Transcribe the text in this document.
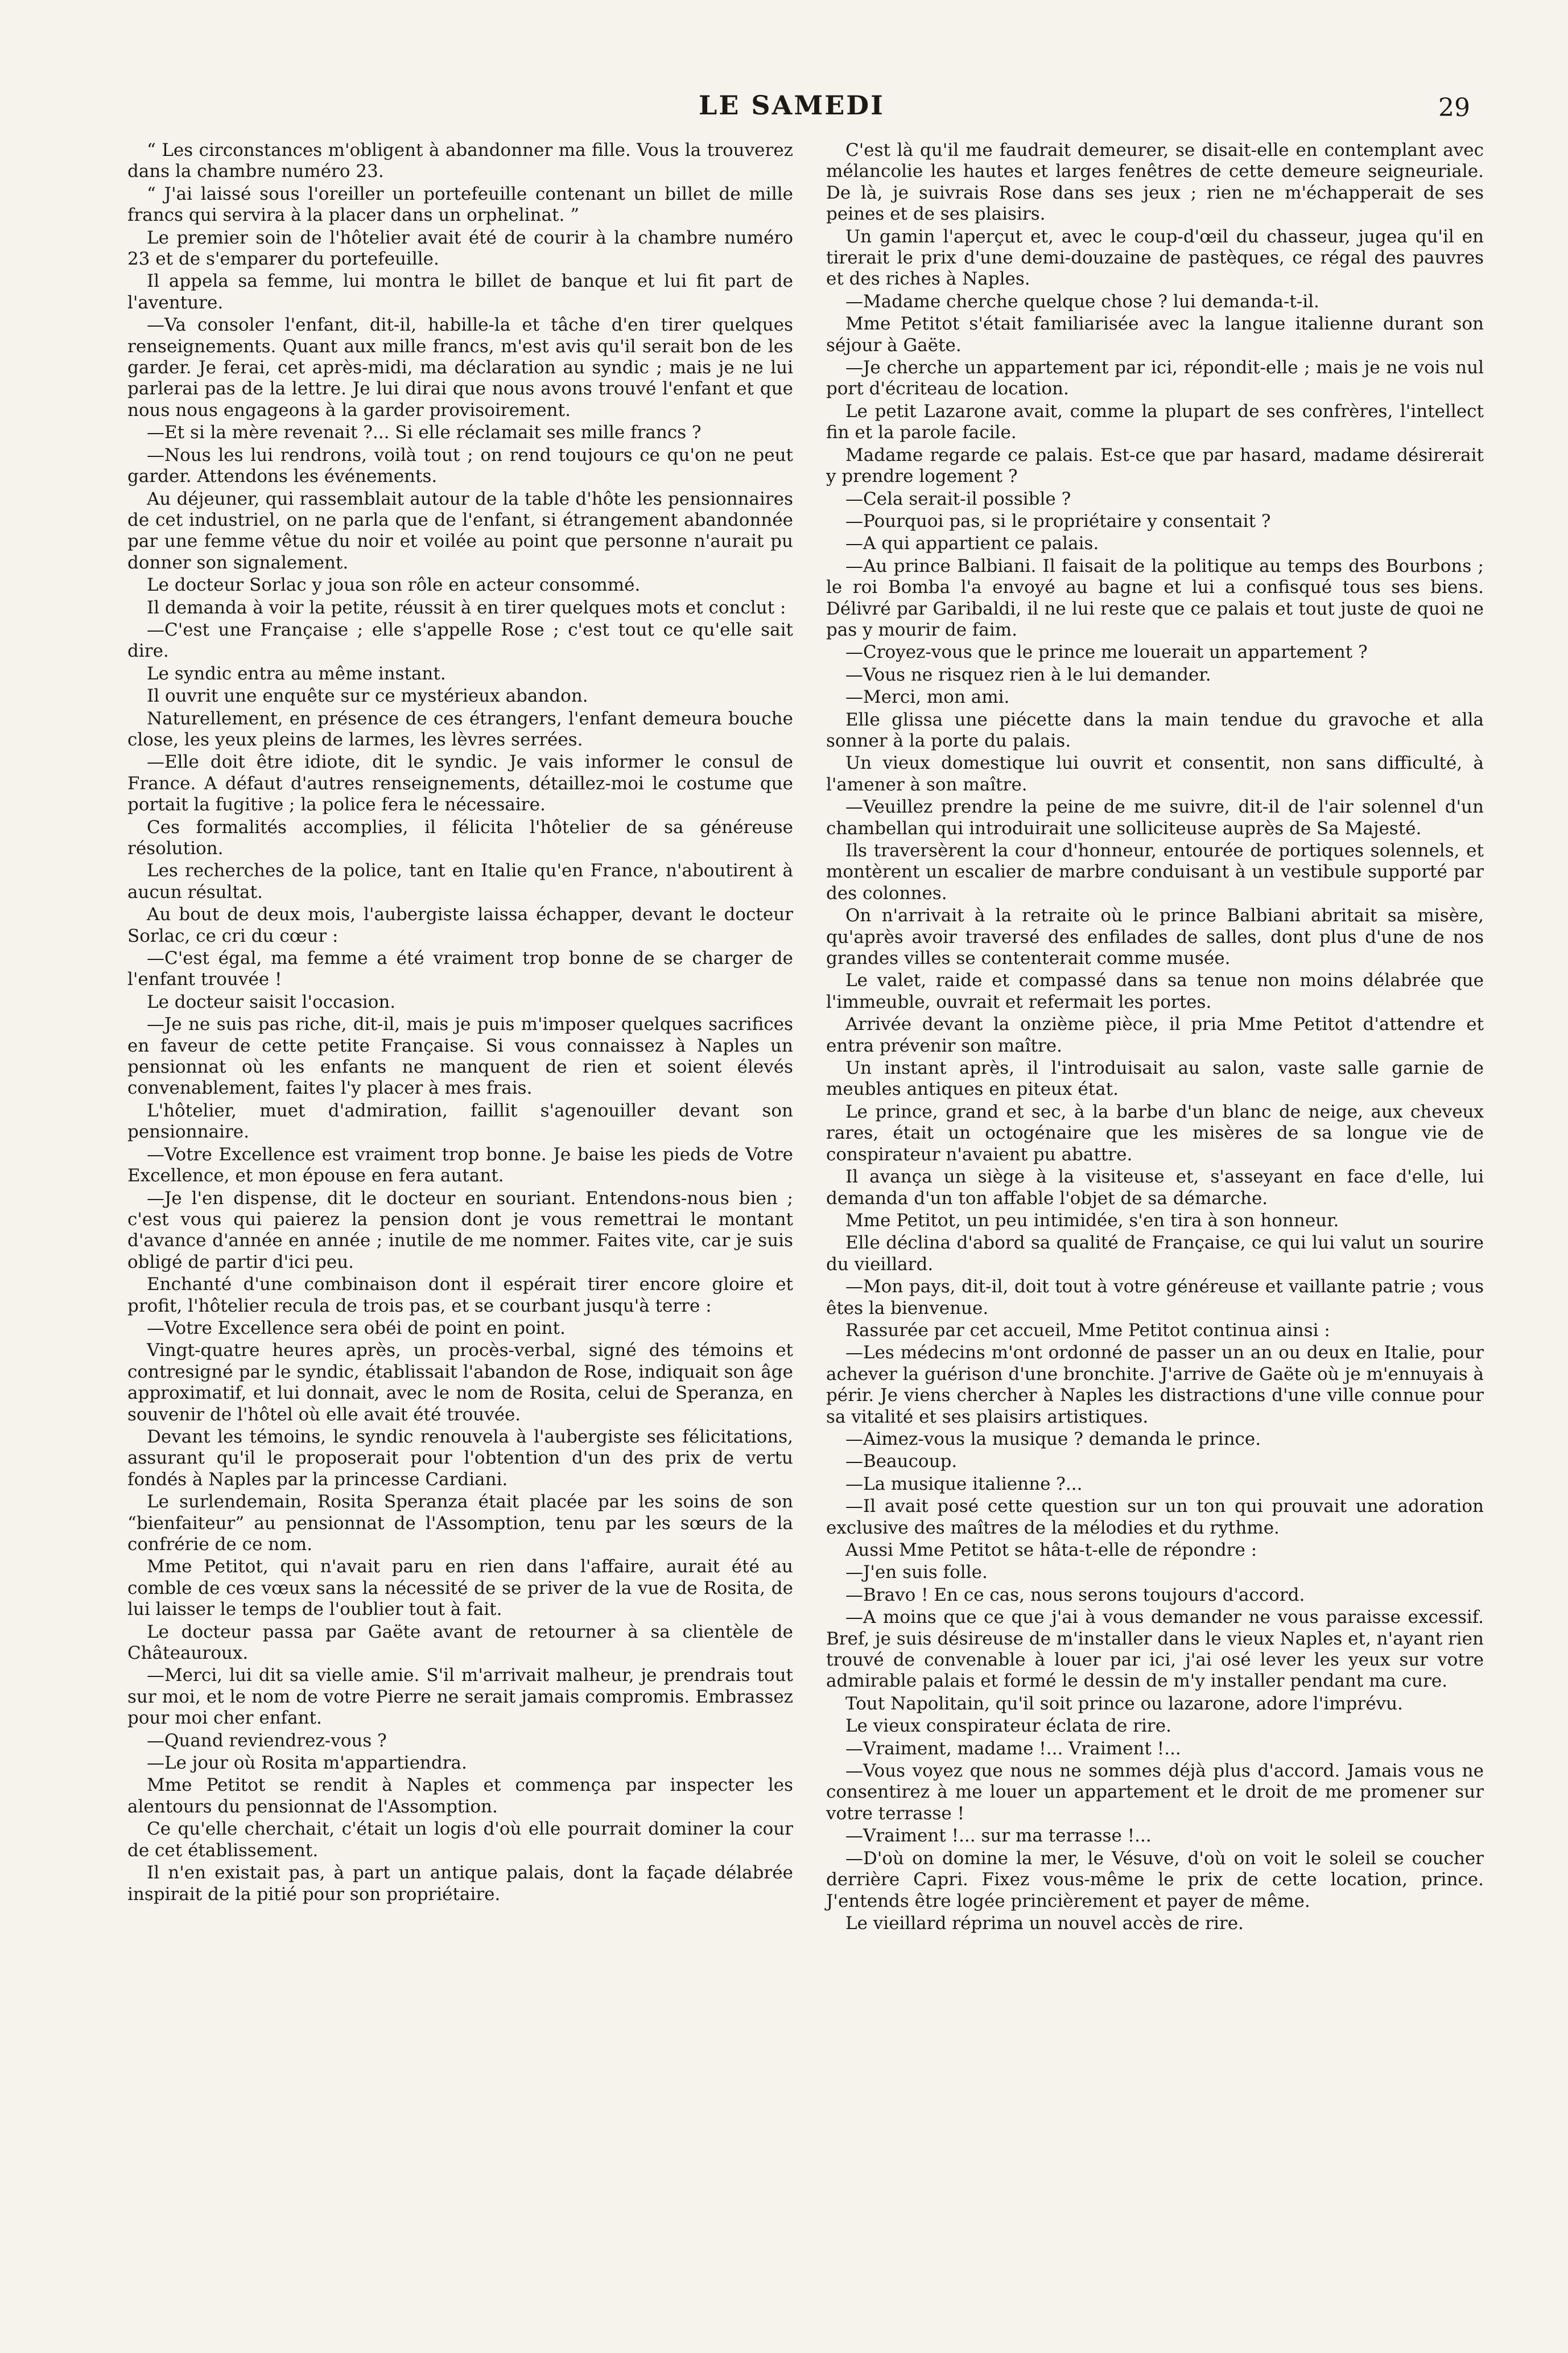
LE SAMEDI	29

“ Les circonstances m'obligent à abandonner ma fille. Vous la trouverez dans la chambre numéro 23.

“ J'ai laissé sous l'oreiller un portefeuille contenant un billet de mille francs qui servira à la placer dans un orphelinat. ”

Le premier soin de l'hôtelier avait été de courir à la chambre numéro 23 et de s'emparer du portefeuille.

Il appela sa femme, lui montra le billet de banque et lui fit part de l'aventure.

—Va consoler l'enfant, dit-il, habille-la et tâche d'en tirer quelques renseignements. Quant aux mille francs, m'est avis qu'il serait bon de les garder. Je ferai, cet après-midi, ma déclaration au syndic ; mais je ne lui parlerai pas de la lettre. Je lui dirai que nous avons trouvé l'enfant et que nous nous engageons à la garder provisoirement.

—Et si la mère revenait ?... Si elle réclamait ses mille francs ?

—Nous les lui rendrons, voilà tout ; on rend toujours ce qu'on ne peut garder. Attendons les événements.

Au déjeuner, qui rassemblait autour de la table d'hôte les pensionnaires de cet industriel, on ne parla que de l'enfant, si étrangement abandonnée par une femme vêtue du noir et voilée au point que personne n'aurait pu donner son signalement.

Le docteur Sorlac y joua son rôle en acteur consommé.

Il demanda à voir la petite, réussit à en tirer quelques mots et conclut :

—C'est une Française ; elle s'appelle Rose ; c'est tout ce qu'elle sait dire.

Le syndic entra au même instant.

Il ouvrit une enquête sur ce mystérieux abandon.

Naturellement, en présence de ces étrangers, l'enfant demeura bouche close, les yeux pleins de larmes, les lèvres serrées.

—Elle doit être idiote, dit le syndic. Je vais informer le consul de France. A défaut d'autres renseignements, détaillez-moi le costume que portait la fugitive ; la police fera le nécessaire.

Ces formalités accomplies, il félicita l'hôtelier de sa généreuse résolution.

Les recherches de la police, tant en Italie qu'en France, n'aboutirent à aucun résultat.

Au bout de deux mois, l'aubergiste laissa échapper, devant le docteur Sorlac, ce cri du cœur :

—C'est égal, ma femme a été vraiment trop bonne de se charger de l'enfant trouvée !

Le docteur saisit l'occasion.

—Je ne suis pas riche, dit-il, mais je puis m'imposer quelques sacrifices en faveur de cette petite Française. Si vous connaissez à Naples un pensionnat où les enfants ne manquent de rien et soient élevés convenablement, faites l'y placer à mes frais.

L'hôtelier, muet d'admiration, faillit s'agenouiller devant son pensionnaire.

—Votre Excellence est vraiment trop bonne. Je baise les pieds de Votre Excellence, et mon épouse en fera autant.

—Je l'en dispense, dit le docteur en souriant. Entendons-nous bien ; c'est vous qui paierez la pension dont je vous remettrai le montant d'avance d'année en année ; inutile de me nommer. Faites vite, car je suis obligé de partir d'ici peu.

Enchanté d'une combinaison dont il espérait tirer encore gloire et profit, l'hôtelier recula de trois pas, et se courbant jusqu'à terre :

—Votre Excellence sera obéi de point en point.

Vingt-quatre heures après, un procès-verbal, signé des témoins et contresigné par le syndic, établissait l'abandon de Rose, indiquait son âge approximatif, et lui donnait, avec le nom de Rosita, celui de Speranza, en souvenir de l'hôtel où elle avait été trouvée.

Devant les témoins, le syndic renouvela à l'aubergiste ses félicitations, assurant qu'il le proposerait pour l'obtention d'un des prix de vertu fondés à Naples par la princesse Cardiani.

Le surlendemain, Rosita Speranza était placée par les soins de son “bienfaiteur” au pensionnat de l'Assomption, tenu par les sœurs de la confrérie de ce nom.

Mme Petitot, qui n'avait paru en rien dans l'affaire, aurait été au comble de ces vœux sans la nécessité de se priver de la vue de Rosita, de lui laisser le temps de l'oublier tout à fait.

Le docteur passa par Gaëte avant de retourner à sa clientèle de Châteauroux.

—Merci, lui dit sa vielle amie. S'il m'arrivait malheur, je prendrais tout sur moi, et le nom de votre Pierre ne serait jamais compromis. Embrassez pour moi cher enfant.

—Quand reviendrez-vous ?

—Le jour où Rosita m'appartiendra.

Mme Petitot se rendit à Naples et commença par inspecter les alentours du pensionnat de l'Assomption.

Ce qu'elle cherchait, c'était un logis d'où elle pourrait dominer la cour de cet établissement.

Il n'en existait pas, à part un antique palais, dont la façade délabrée inspirait de la pitié pour son propriétaire.

C'est là qu'il me faudrait demeurer, se disait-elle en contemplant avec mélancolie les hautes et larges fenêtres de cette demeure seigneuriale. De là, je suivrais Rose dans ses jeux ; rien ne m'échapperait de ses peines et de ses plaisirs.

Un gamin l'aperçut et, avec le coup-d'œil du chasseur, jugea qu'il en tirerait le prix d'une demi-douzaine de pastèques, ce régal des pauvres et des riches à Naples.

—Madame cherche quelque chose ? lui demanda-t-il.

Mme Petitot s'était familiarisée avec la langue italienne durant son séjour à Gaëte.

—Je cherche un appartement par ici, répondit-elle ; mais je ne vois nul port d'écriteau de location.

Le petit Lazarone avait, comme la plupart de ses confrères, l'intellect fin et la parole facile.

Madame regarde ce palais. Est-ce que par hasard, madame désirerait y prendre logement ?

—Cela serait-il possible ?

—Pourquoi pas, si le propriétaire y consentait ?

—A qui appartient ce palais.

—Au prince Balbiani. Il faisait de la politique au temps des Bourbons ; le roi Bomba l'a envoyé au bagne et lui a confisqué tous ses biens. Délivré par Garibaldi, il ne lui reste que ce palais et tout juste de quoi ne pas y mourir de faim.

—Croyez-vous que le prince me louerait un appartement ?

—Vous ne risquez rien à le lui demander.

—Merci, mon ami.

Elle glissa une piécette dans la main tendue du gravoche et alla sonner à la porte du palais.

Un vieux domestique lui ouvrit et consentit, non sans difficulté, à l'amener à son maître.

—Veuillez prendre la peine de me suivre, dit-il de l'air solennel d'un chambellan qui introduirait une solliciteuse auprès de Sa Majesté.

Ils traversèrent la cour d'honneur, entourée de portiques solennels, et montèrent un escalier de marbre conduisant à un vestibule supporté par des colonnes.

On n'arrivait à la retraite où le prince Balbiani abritait sa misère, qu'après avoir traversé des enfilades de salles, dont plus d'une de nos grandes villes se contenterait comme musée.

Le valet, raide et compassé dans sa tenue non moins délabrée que l'immeuble, ouvrait et refermait les portes.

Arrivée devant la onzième pièce, il pria Mme Petitot d'attendre et entra prévenir son maître.

Un instant après, il l'introduisait au salon, vaste salle garnie de meubles antiques en piteux état.

Le prince, grand et sec, à la barbe d'un blanc de neige, aux cheveux rares, était un octogénaire que les misères de sa longue vie de conspirateur n'avaient pu abattre.

Il avança un siège à la visiteuse et, s'asseyant en face d'elle, lui demanda d'un ton affable l'objet de sa démarche.

Mme Petitot, un peu intimidée, s'en tira à son honneur.

Elle déclina d'abord sa qualité de Française, ce qui lui valut un sourire du vieillard.

—Mon pays, dit-il, doit tout à votre généreuse et vaillante patrie ; vous êtes la bienvenue.

Rassurée par cet accueil, Mme Petitot continua ainsi :

—Les médecins m'ont ordonné de passer un an ou deux en Italie, pour achever la guérison d'une bronchite. J'arrive de Gaëte où je m'ennuyais à périr. Je viens chercher à Naples les distractions d'une ville connue pour sa vitalité et ses plaisirs artistiques.

—Aimez-vous la musique ? demanda le prince.

—Beaucoup.

—La musique italienne ?...

—Il avait posé cette question sur un ton qui prouvait une adoration exclusive des maîtres de la mélodies et du rythme.

Aussi Mme Petitot se hâta-t-elle de répondre :

—J'en suis folle.

—Bravo ! En ce cas, nous serons toujours d'accord.

—A moins que ce que j'ai à vous demander ne vous paraisse excessif. Bref, je suis désireuse de m'installer dans le vieux Naples et, n'ayant rien trouvé de convenable à louer par ici, j'ai osé lever les yeux sur votre admirable palais et formé le dessin de m'y installer pendant ma cure.

Tout Napolitain, qu'il soit prince ou lazarone, adore l'imprévu.

Le vieux conspirateur éclata de rire.

—Vraiment, madame !... Vraiment !...

—Vous voyez que nous ne sommes déjà plus d'accord. Jamais vous ne consentirez à me louer un appartement et le droit de me promener sur votre terrasse !

—Vraiment !... sur ma terrasse !...

—D'où on domine la mer, le Vésuve, d'où on voit le soleil se coucher derrière Capri. Fixez vous-même le prix de cette location, prince. J'entends être logée princièrement et payer de même.

Le vieillard réprima un nouvel accès de rire.
